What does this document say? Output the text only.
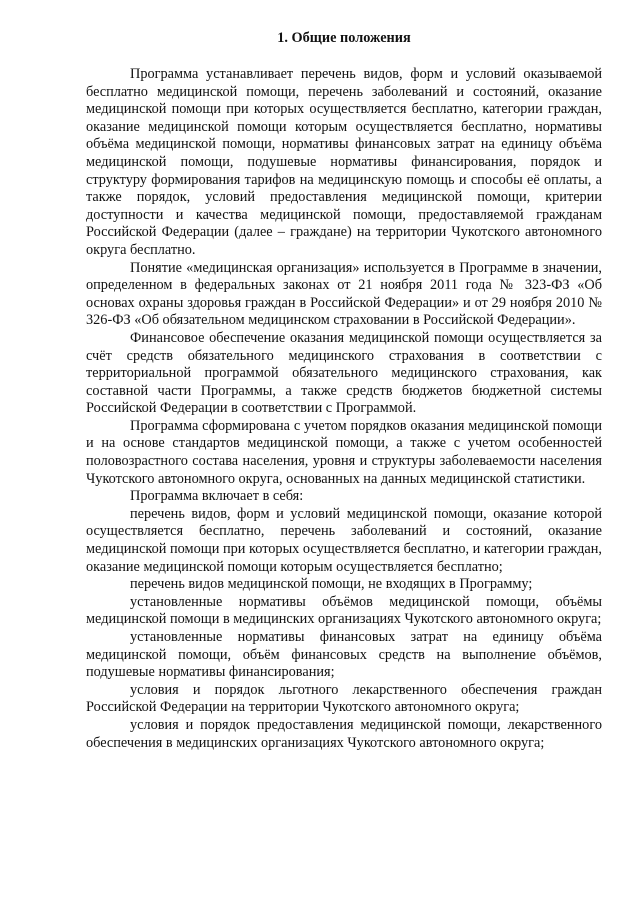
1. Общие положения

Программа устанавливает перечень видов, форм и условий оказываемой бесплатно медицинской помощи, перечень заболеваний и состояний, оказание медицинской помощи при которых осуществляется бесплатно, категории граждан, оказание медицинской помощи которым осуществляется бесплатно, нормативы объёма медицинской помощи, нормативы финансовых затрат на единицу объёма медицинской помощи, подушевые нормативы финансирования, порядок и структуру формирования тарифов на медицинскую помощь и способы её оплаты, а также порядок, условий предоставления медицинской помощи, критерии доступности и качества медицинской помощи, предоставляемой гражданам Российской Федерации (далее – граждане) на территории Чукотского автономного округа бесплатно.

Понятие «медицинская организация» используется в Программе в значении, определенном в федеральных законах от 21 ноября 2011 года № 323-ФЗ «Об основах охраны здоровья граждан в Российской Федерации» и от 29 ноября 2010 № 326-ФЗ «Об обязательном медицинском страховании в Российской Федерации».

Финансовое обеспечение оказания медицинской помощи осуществляется за счёт средств обязательного медицинского страхования в соответствии с территориальной программой обязательного медицинского страхования, как составной части Программы, а также средств бюджетов бюджетной системы Российской Федерации в соответствии с Программой.

Программа сформирована с учетом порядков оказания медицинской помощи и на основе стандартов медицинской помощи, а также с учетом особенностей половозрастного состава населения, уровня и структуры заболеваемости населения Чукотского автономного округа, основанных на данных медицинской статистики.

Программа включает в себя:

перечень видов, форм и условий медицинской помощи, оказание которой осуществляется бесплатно, перечень заболеваний и состояний, оказание медицинской помощи при которых осуществляется бесплатно, и категории граждан, оказание медицинской помощи которым осуществляется бесплатно;

перечень видов медицинской помощи, не входящих в Программу;

установленные нормативы объёмов медицинской помощи, объёмы медицинской помощи в медицинских организациях Чукотского автономного округа;

установленные нормативы финансовых затрат на единицу объёма медицинской помощи, объём финансовых средств на выполнение объёмов, подушевые нормативы финансирования;

условия и порядок льготного лекарственного обеспечения граждан Российской Федерации на территории Чукотского автономного округа;

условия и порядок предоставления медицинской помощи, лекарственного обеспечения в медицинских организациях Чукотского автономного округа;
